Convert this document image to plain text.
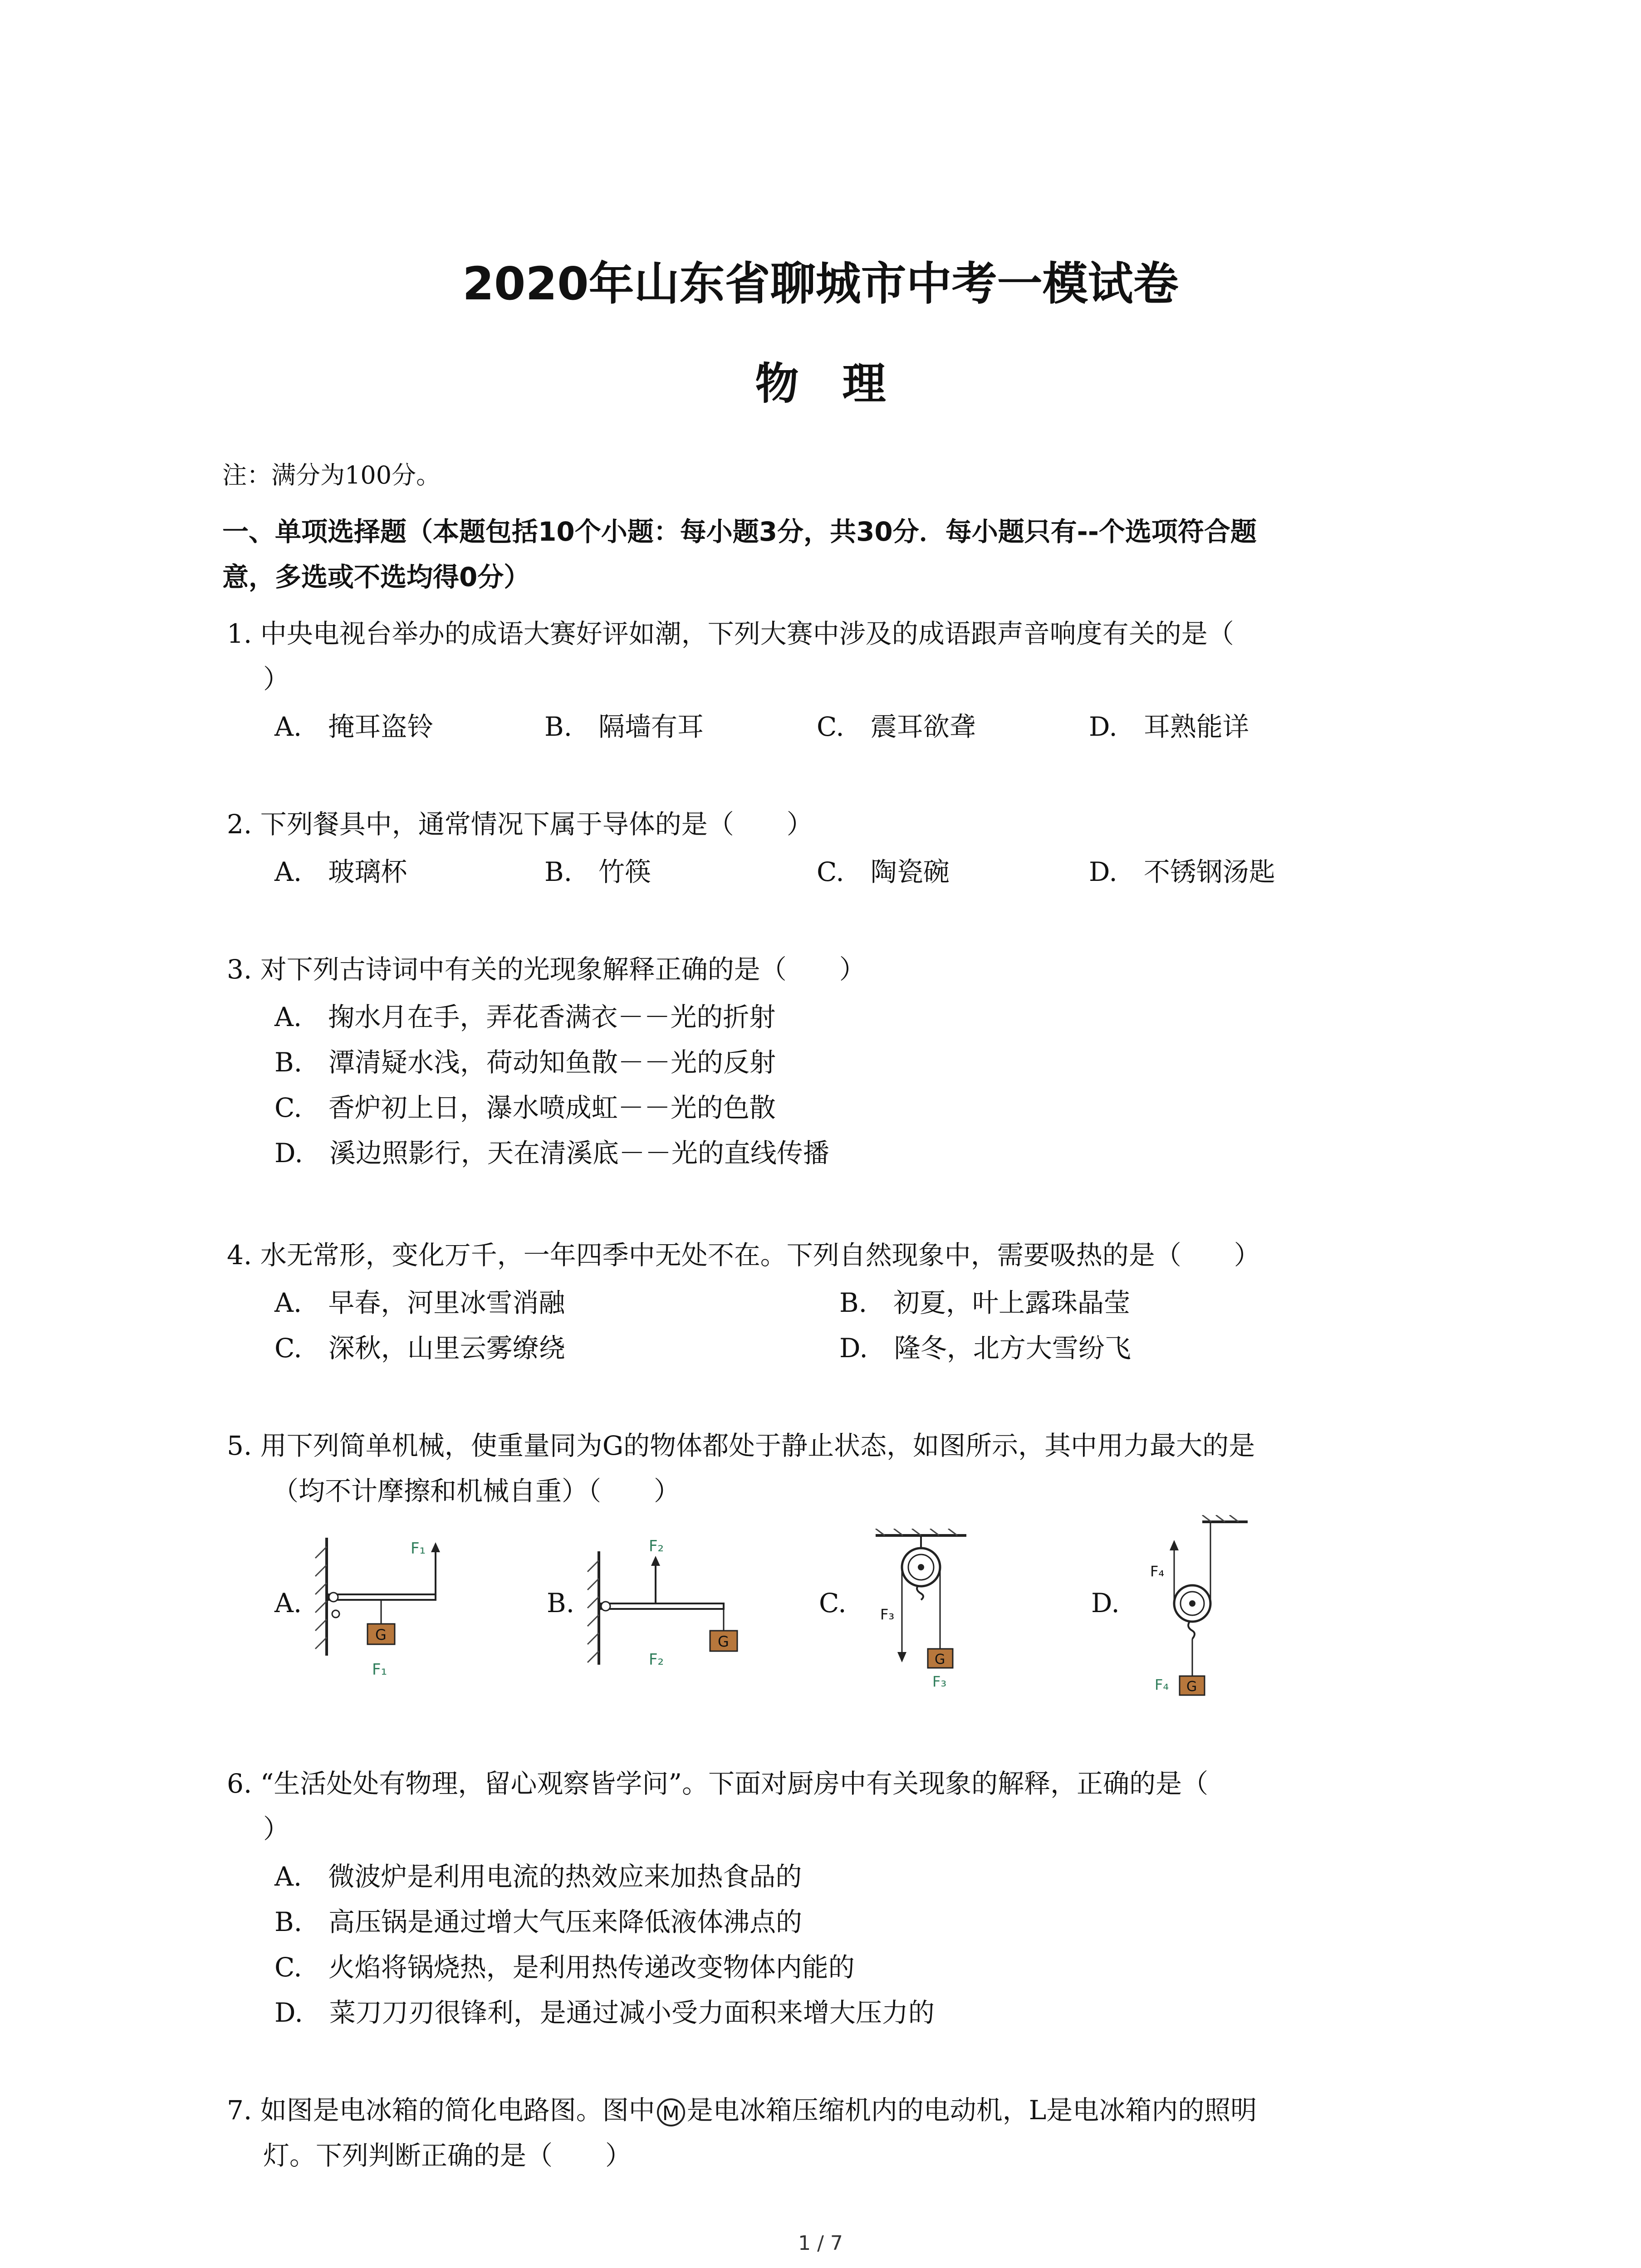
2020年山东省聊城市中考一模试卷
物　理
注：满分为100分。
一、单项选择题（本题包括10个小题：每小题3分，共30分．每小题只有--个选项符合题
意，多选或不选均得0分）
1. 中央电视台举办的成语大赛好评如潮，下列大赛中涉及的成语跟声音响度有关的是（
）
A.　掩耳盗铃	B.　隔墙有耳	C.　震耳欲聋	D.　耳熟能详
2. 下列餐具中，通常情况下属于导体的是（　　）
A.　玻璃杯	B.　竹筷	C.　陶瓷碗	D.　不锈钢汤匙
3. 对下列古诗词中有关的光现象解释正确的是（　　）
A.　掬水月在手，弄花香满衣－－光的折射
B.　潭清疑水浅，荷动知鱼散－－光的反射
C.　香炉初上日，瀑水喷成虹－－光的色散
D.　溪边照影行，天在清溪底－－光的直线传播
4. 水无常形，变化万千，一年四季中无处不在。下列自然现象中，需要吸热的是（　　）
A.　早春，河里冰雪消融	B.　初夏，叶上露珠晶莹
C.　深秋，山里云雾缭绕	D.　隆冬，北方大雪纷飞
5. 用下列简单机械，使重量同为G的物体都处于静止状态，如图所示，其中用力最大的是
（均不计摩擦和机械自重）（　　）
A.	B.	C.	D.
F₁
G
F₁
F₂
G
F₂
F₃
G
F₃
F₄
G
F₄
6. “生活处处有物理，留心观察皆学问”。下面对厨房中有关现象的解释，正确的是（
）
A.　微波炉是利用电流的热效应来加热食品的
B.　高压锅是通过增大气压来降低液体沸点的
C.　火焰将锅烧热，是利用热传递改变物体内能的
D.　菜刀刀刃很锋利，是通过减小受力面积来增大压力的
7. 如图是电冰箱的简化电路图。图中 M 是电冰箱压缩机内的电动机，L是电冰箱内的照明
灯。下列判断正确的是（　　）
1 / 7
